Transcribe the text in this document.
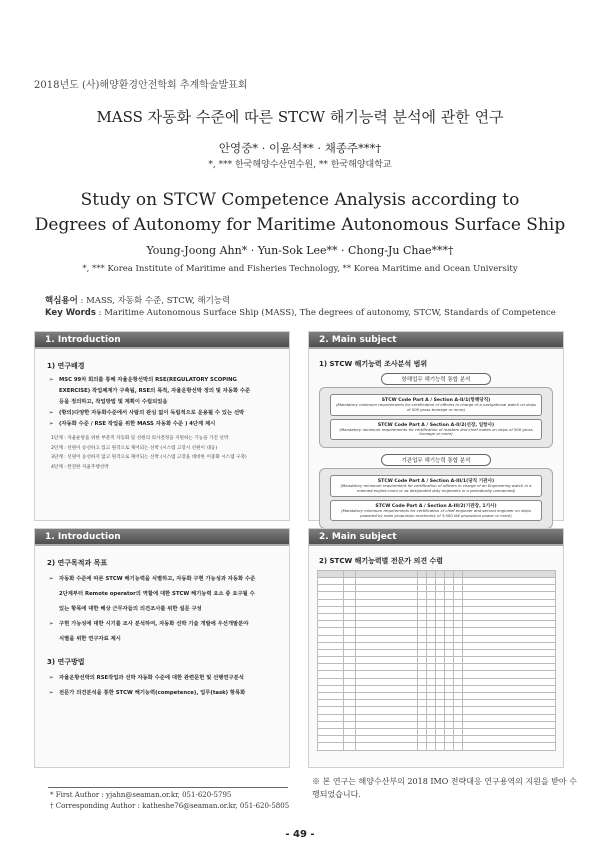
2018년도 (사)해양환경안전학회 추계학술발표회
MASS 자동화 수준에 따른 STCW 해기능력 분석에 관한 연구
안영중* · 이윤석** · 채종주***†
*, *** 한국해양수산연수원, ** 한국해양대학교
Study on STCW Competence Analysis according to
Degrees of Autonomy for Maritime Autonomous Surface Ship
Young-Joong Ahn* · Yun-Sok Lee** · Chong-Ju Chae***†
*, *** Korea Institute of Maritime and Fisheries Technology, ** Korea Maritime and Ocean University
핵심용어 : MASS, 자동화 수준, STCW, 해기능력
Key Words : Maritime Autonomous Surface Ship (MASS), The degrees of autonomy, STCW, Standards of Competence
1. Introduction
1) 연구배경
➢ MSC 99차 회의를 통해 자율운항선박의 RSE(REGULATORY SCOPING
EXERCISE) 작업체계가 구축됨, RSE의 목적, 자율운항선박 정의 및 자동화 수준
등을 정의하고, 작업방법 및 계획이 수립되었음
➢ (항의)다양한 자동화수준에서 사람의 관심 없이 독립적으로 운용될 수 있는 선박
➢ (자동화 수준 / RSE 작업을 위한 MASS 자동화 수준 ) 4단계 제시
1단계 : 자율운항을 위한 부분적 자동화 및 선원의 의사결정을 지원하는 기능을 가진 선박
2단계 : 선원이 승선하고 있고 원격으로 제어되는 선박 (시스템 고장시 선원이 대응)
3단계 : 선원이 승선하지 않고 원격으로 제어되는 선박 (시스템 고장을 대비한 이중화 시스템 구축)
4단계 : 완전한 자율주행선박
2. Main subject
1) STCW 해기능력 조사분석 범위
항해업무 해기능력 통합 분석
STCW Code Part A / Section A-II/1(항해당직)
(Mandatory minimum requirements for certification of officers in charge of a navigational watch on ships of 500 gross tonnage or more)
STCW Code Part A / Section A-II/2(선장, 일항사)
(Mandatory minimum requirements for certification of masters and chief mates on ships of 500 gross tonnage or more)
기관업무 해기능력 통합 분석
STCW Code Part A / Section A-III/1(당직 기관사)
(Mandatory minimum requirement for certification of officers in charge of an Engineering watch in a manned engine-room or as designated duty engineers in a periodically unmanned)
STCW Code Part A / Section A-III/2(기관장, 1기사)
(Mandatory minimum requirements for certification of chief engineer and second engineer on ships powered by main propulsion machinery of 3,000 kW propulsion power or more)
1. Introduction
2) 연구목적과 목표
➢ 자동화 수준에 따른 STCW 해기능력을 식별하고, 자동화 구현 가능성과 자동화 수준
2단계부터 Remote operator의 역할에 대한 STCW 해기능력 요소 중 요구될 수
있는 항목에 대한 해상 근무자들의 의견조사를 위한 설문 구성
➢ 구현 가능성에 대한 시기를 조사 분석하여, 자동화 선박 기술 개발에 우선개발분야
식별을 위한 연구자료 제시
3) 연구방법
➢ 자율운항선박의 RSE작업과 선박 자동화 수준에 대한 관련문헌 및 선행연구분석
➢ 전문가 의견분석을 통한 STCW 해기능력(competence), 업무(task) 항목화
2. Main subject
2) STCW 해기능력별 전문가 의견 수렴

* First Author : yjahn@seaman.or.kr, 051-620-5795
† Corresponding Author : katheshe76@seaman.or.kr, 051-620-5805
※ 본 연구는 해양수산부의 2018 IMO 전략대응 연구용역의 지원을 받아 수행되었습니다.
- 49 -
